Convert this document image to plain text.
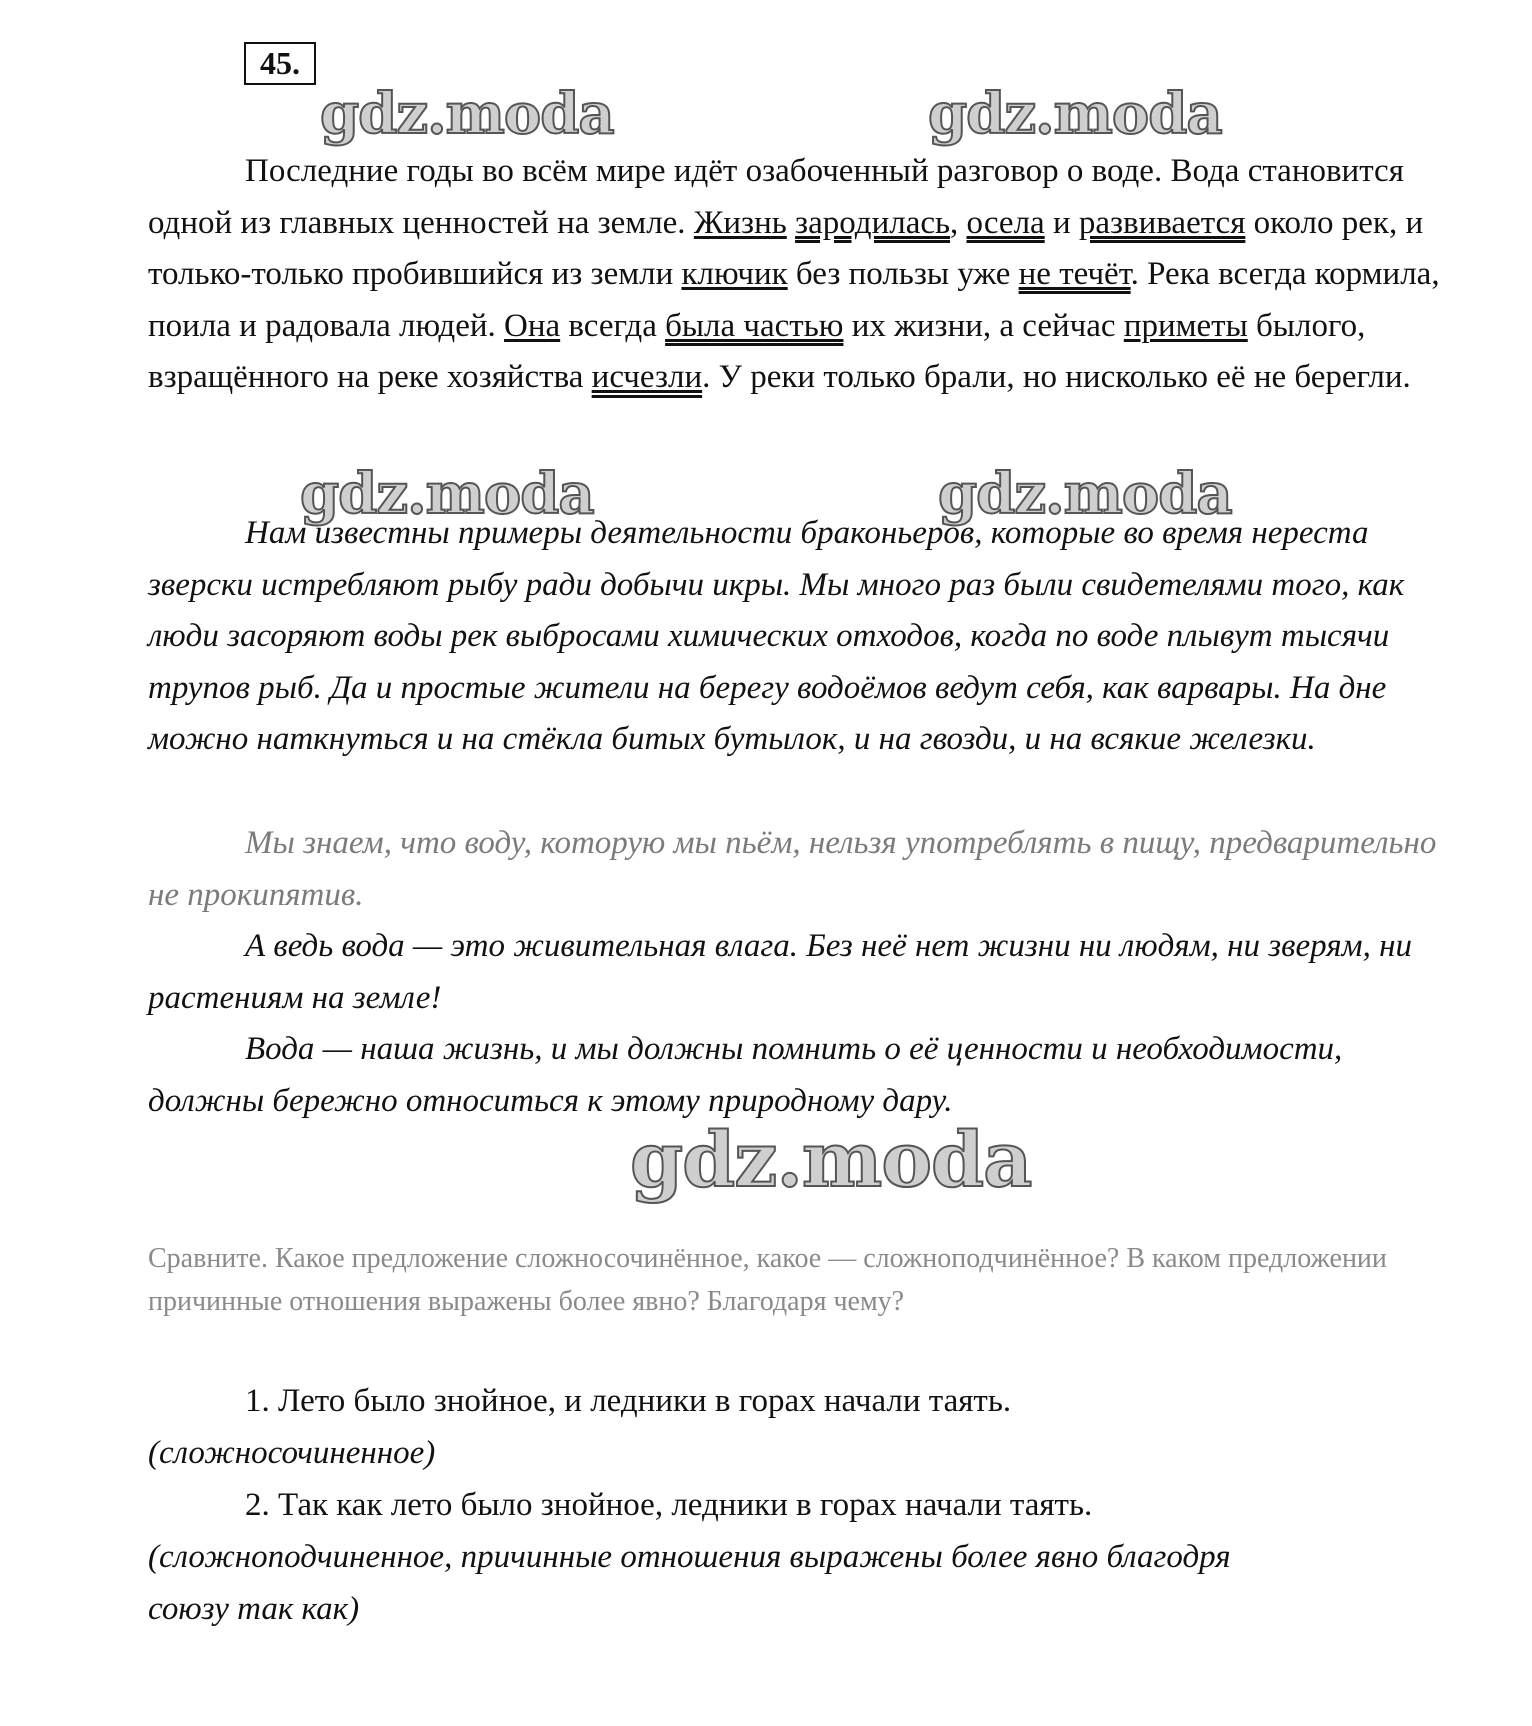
45.
gdz.moda	gdz.moda
gdz.moda	gdz.moda
gdz.moda

Последние годы во всём мире идёт озабоченный разговор о воде. Вода становится одной из главных ценностей на земле. Жизнь зародилась, осела и развивается около рек, и только-только пробившийся из земли ключик без пользы уже не течёт. Река всегда кормила, поила и радовала людей. Она всегда была частью их жизни, а сейчас приметы былого, взращённого на реке хозяйства исчезли. У реки только брали, но нисколько её не берегли.

Нам известны примеры деятельности браконьеров, которые во время нереста зверски истребляют рыбу ради добычи икры. Мы много раз были свидетелями того, как люди засоряют воды рек выбросами химических отходов, когда по воде плывут тысячи трупов рыб. Да и простые жители на берегу водоёмов ведут себя, как варвары. На дне можно наткнуться и на стёкла битых бутылок, и на гвозди, и на всякие железки.

Мы знаем, что воду, которую мы пьём, нельзя употреблять в пищу, предварительно не прокипятив.

А ведь вода — это живительная влага. Без неё нет жизни ни людям, ни зверям, ни растениям на земле!

Вода — наша жизнь, и мы должны помнить о её ценности и необходимости, должны бережно относиться к этому природному дару.

Сравните. Какое предложение сложносочинённое, какое — сложноподчинённое? В каком предложении причинные отношения выражены более явно? Благодаря чему?

1. Лето было знойное, и ледники в горах начали таять.

(сложносочиненное)

2. Так как лето было знойное, ледники в горах начали таять.

(сложноподчиненное, причинные отношения выражены более явно благодря

союзу так как)
